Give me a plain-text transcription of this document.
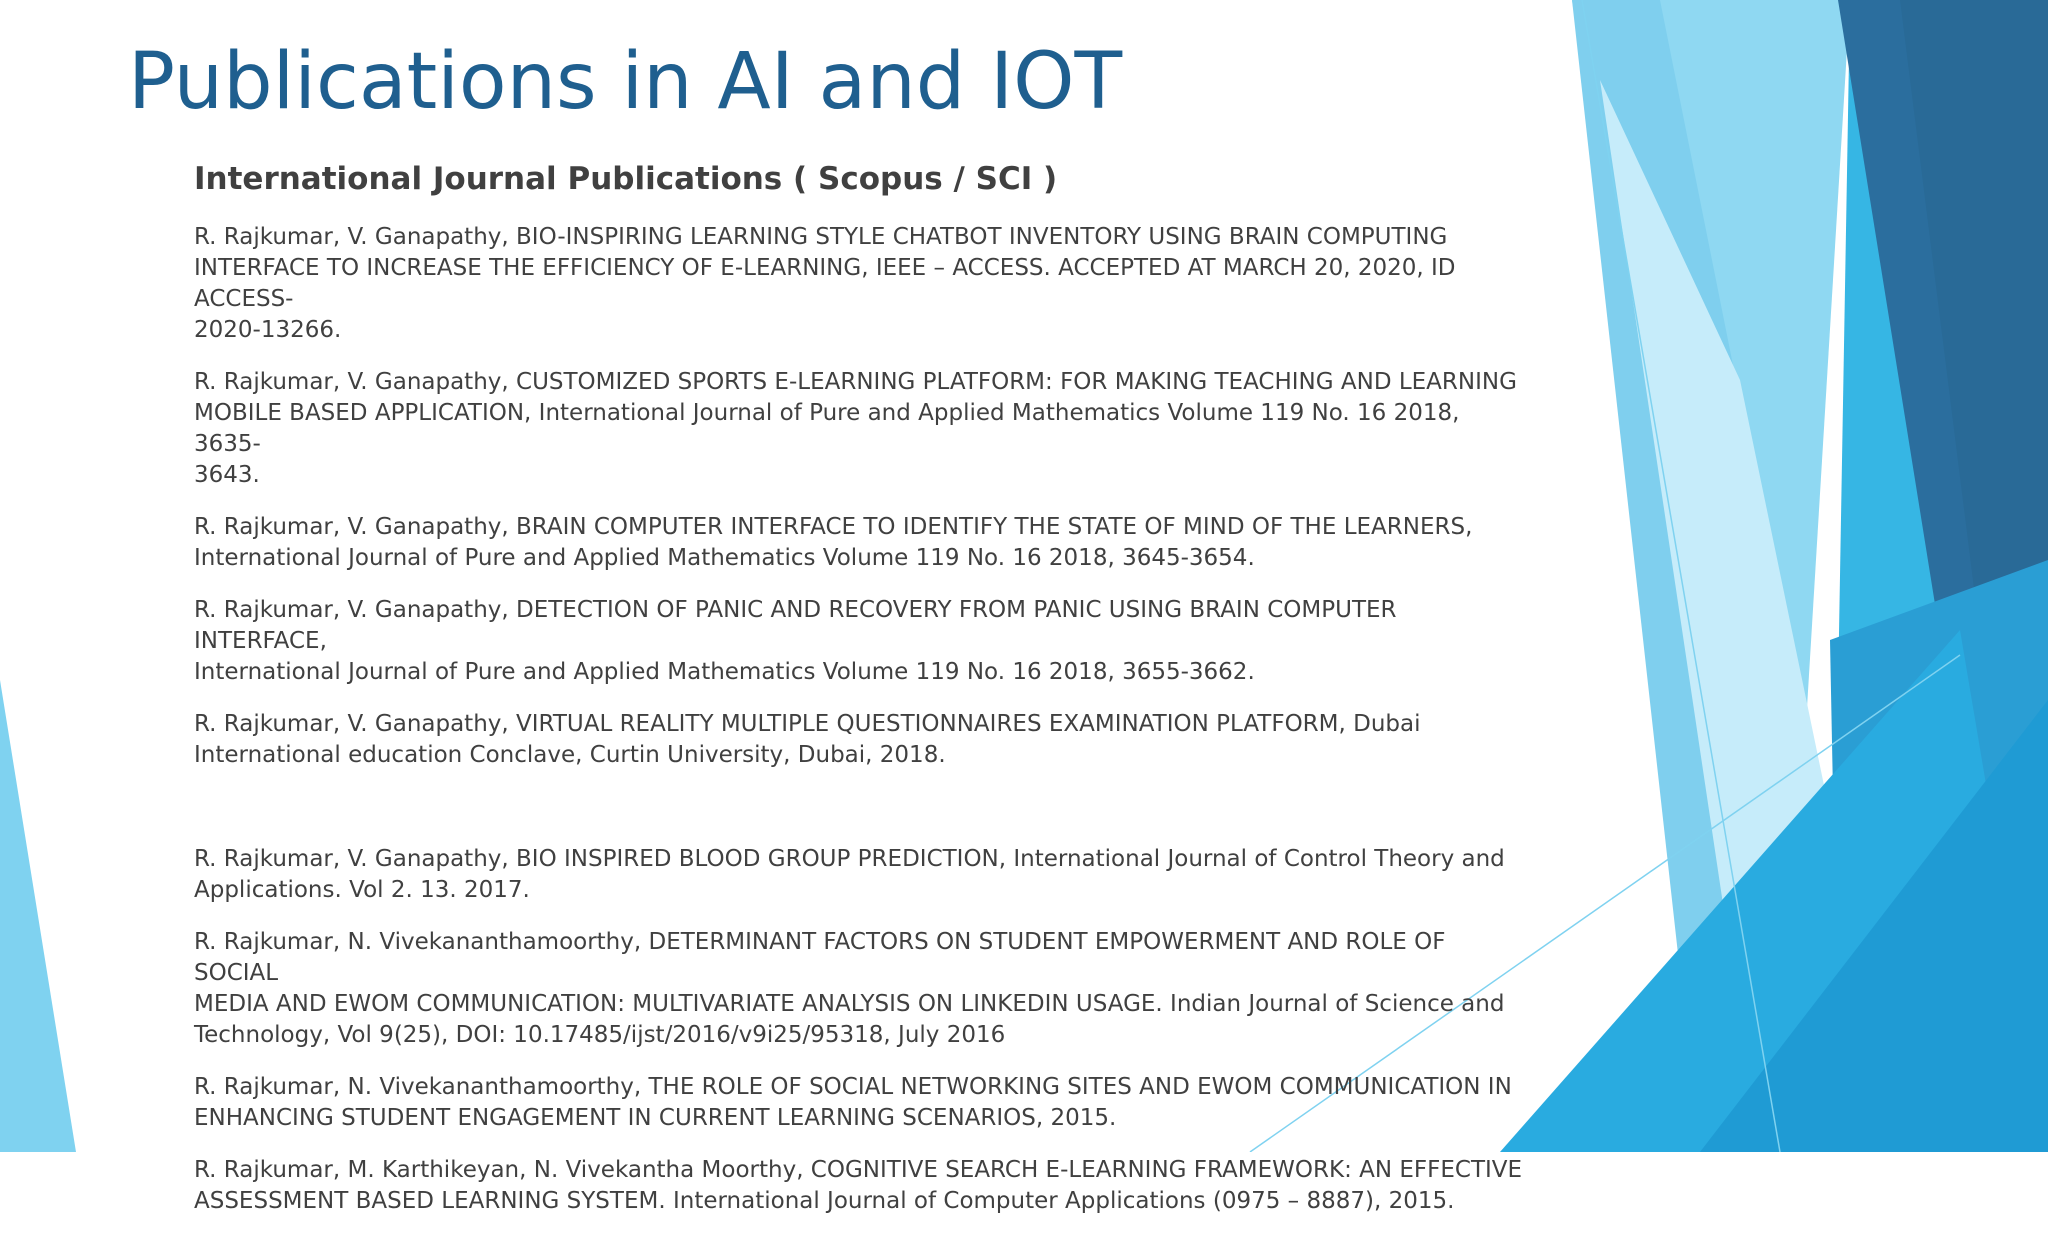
Publications in AI and IOT
International Journal Publications ( Scopus / SCI )
R. Rajkumar, V. Ganapathy, BIO-INSPIRING LEARNING STYLE CHATBOT INVENTORY USING BRAIN COMPUTING
INTERFACE TO INCREASE THE EFFICIENCY OF E-LEARNING, IEEE – ACCESS. ACCEPTED AT MARCH 20, 2020, ID ACCESS-
2020-13266.
R. Rajkumar, V. Ganapathy, CUSTOMIZED SPORTS E-LEARNING PLATFORM: FOR MAKING TEACHING AND LEARNING
MOBILE BASED APPLICATION, International Journal of Pure and Applied Mathematics Volume 119 No. 16 2018, 3635-
3643.
R. Rajkumar, V. Ganapathy, BRAIN COMPUTER INTERFACE TO IDENTIFY THE STATE OF MIND OF THE LEARNERS,
International Journal of Pure and Applied Mathematics Volume 119 No. 16 2018, 3645-3654.
R. Rajkumar, V. Ganapathy, DETECTION OF PANIC AND RECOVERY FROM PANIC USING BRAIN COMPUTER INTERFACE,
International Journal of Pure and Applied Mathematics Volume 119 No. 16 2018, 3655-3662.
R. Rajkumar, V. Ganapathy, VIRTUAL REALITY MULTIPLE QUESTIONNAIRES EXAMINATION PLATFORM, Dubai
International education Conclave, Curtin University, Dubai, 2018.
R. Rajkumar, V. Ganapathy, BIO INSPIRED BLOOD GROUP PREDICTION, International Journal of Control Theory and
Applications. Vol 2. 13. 2017.
R. Rajkumar, N. Vivekananthamoorthy, DETERMINANT FACTORS ON STUDENT EMPOWERMENT AND ROLE OF SOCIAL
MEDIA AND EWOM COMMUNICATION: MULTIVARIATE ANALYSIS ON LINKEDIN USAGE. Indian Journal of Science and
Technology, Vol 9(25), DOI: 10.17485/ijst/2016/v9i25/95318, July 2016
R. Rajkumar, N. Vivekananthamoorthy, THE ROLE OF SOCIAL NETWORKING SITES AND EWOM COMMUNICATION IN
ENHANCING STUDENT ENGAGEMENT IN CURRENT LEARNING SCENARIOS, 2015.
R. Rajkumar, M. Karthikeyan, N. Vivekantha Moorthy, COGNITIVE SEARCH E-LEARNING FRAMEWORK: AN EFFECTIVE
ASSESSMENT BASED LEARNING SYSTEM. International Journal of Computer Applications (0975 – 8887), 2015.
